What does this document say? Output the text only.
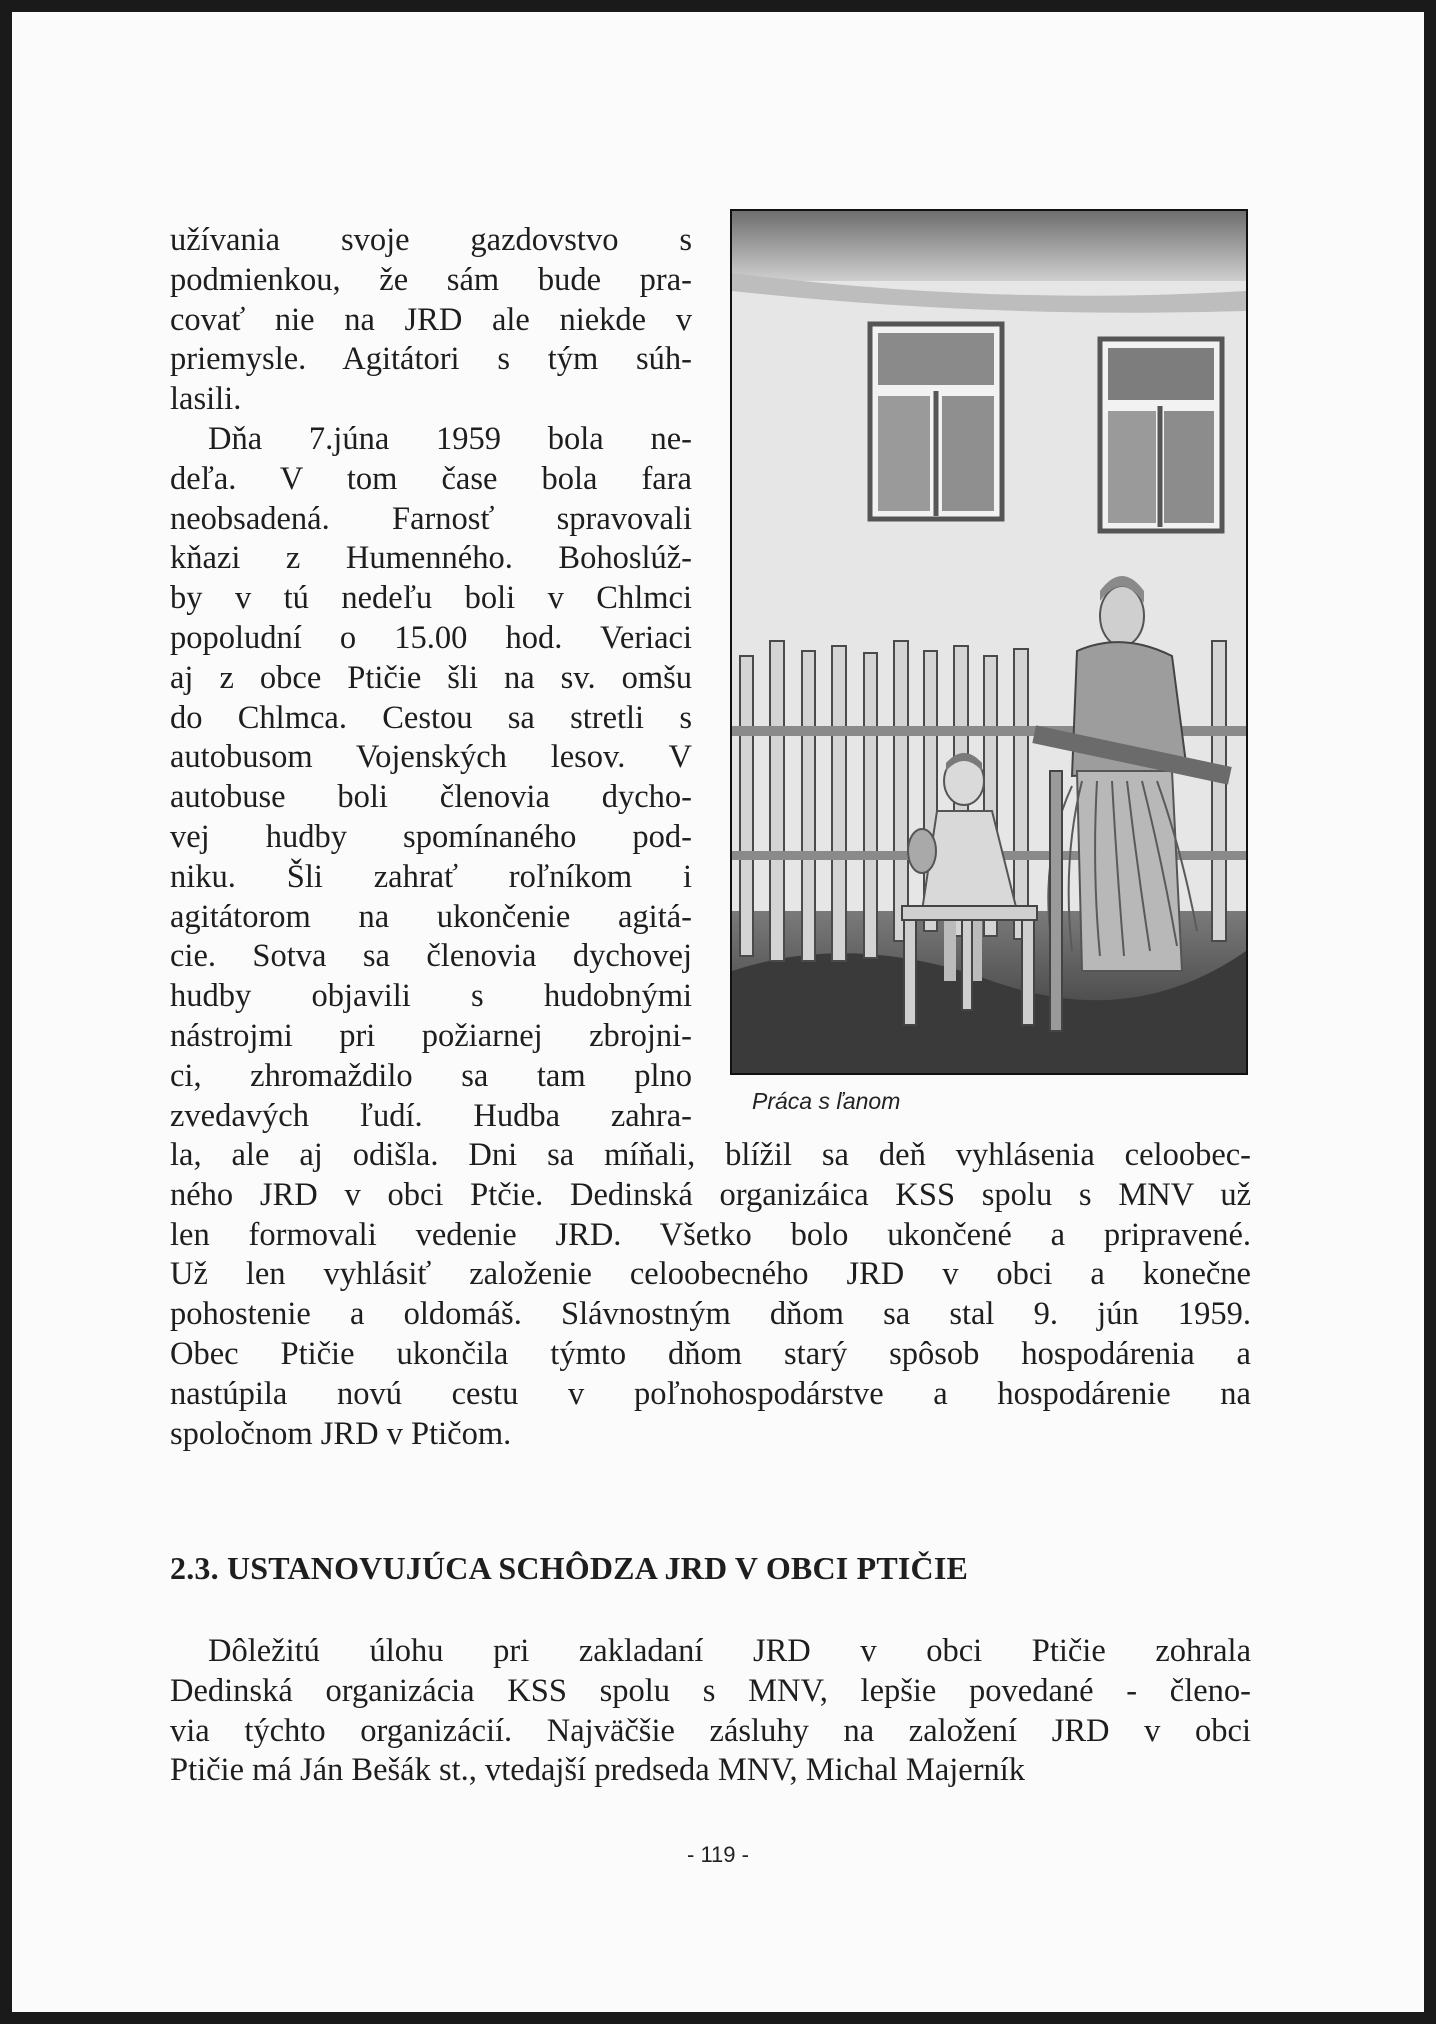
užívania svoje gazdovstvo s

podmienkou, že sám bude pra-

covať nie na JRD ale niekde v

priemysle. Agitátori s tým súh-

lasili.

Dňa 7.júna 1959 bola ne-

deľa. V tom čase bola fara

neobsadená. Farnosť spravovali

kňazi z Humenného. Bohoslúž-

by v tú nedeľu boli v Chlmci

popoludní o 15.00 hod. Veriaci

aj z obce Ptičie šli na sv. omšu

do Chlmca. Cestou sa stretli s

autobusom Vojenských lesov. V

autobuse boli členovia dycho-

vej hudby spomínaného pod-

niku. Šli zahrať roľníkom i

agitátorom na ukončenie agitá-

cie. Sotva sa členovia dychovej

hudby objavili s hudobnými

nástrojmi pri požiarnej zbrojni-

ci, zhromaždilo sa tam plno

zvedavých ľudí. Hudba zahra-

la, ale aj odišla. Dni sa míňali, blížil sa deň vyhlásenia celoobec-

ného JRD v obci Ptčie. Dedinská organizáica KSS spolu s MNV už

len formovali vedenie JRD. Všetko bolo ukončené a pripravené.

Už len vyhlásiť založenie celoobecného JRD v obci a konečne

pohostenie a oldomáš. Slávnostným dňom sa stal 9. jún 1959.

Obec Ptičie ukončila týmto dňom starý spôsob hospodárenia a

nastúpila novú cestu v poľnohospodárstve a hospodárenie na

spoločnom JRD v Ptičom.

2.3. USTANOVUJÚCA SCHÔDZA JRD V OBCI PTIČIE

Dôležitú úlohu pri zakladaní JRD v obci Ptičie zohrala

Dedinská organizácia KSS spolu s MNV, lepšie povedané - členo-

via týchto organizácií. Najväčšie zásluhy na založení JRD v obci

Ptičie má Ján Bešák st., vtedajší predseda MNV, Michal Majerník

Práca s ľanom
- 119 -
